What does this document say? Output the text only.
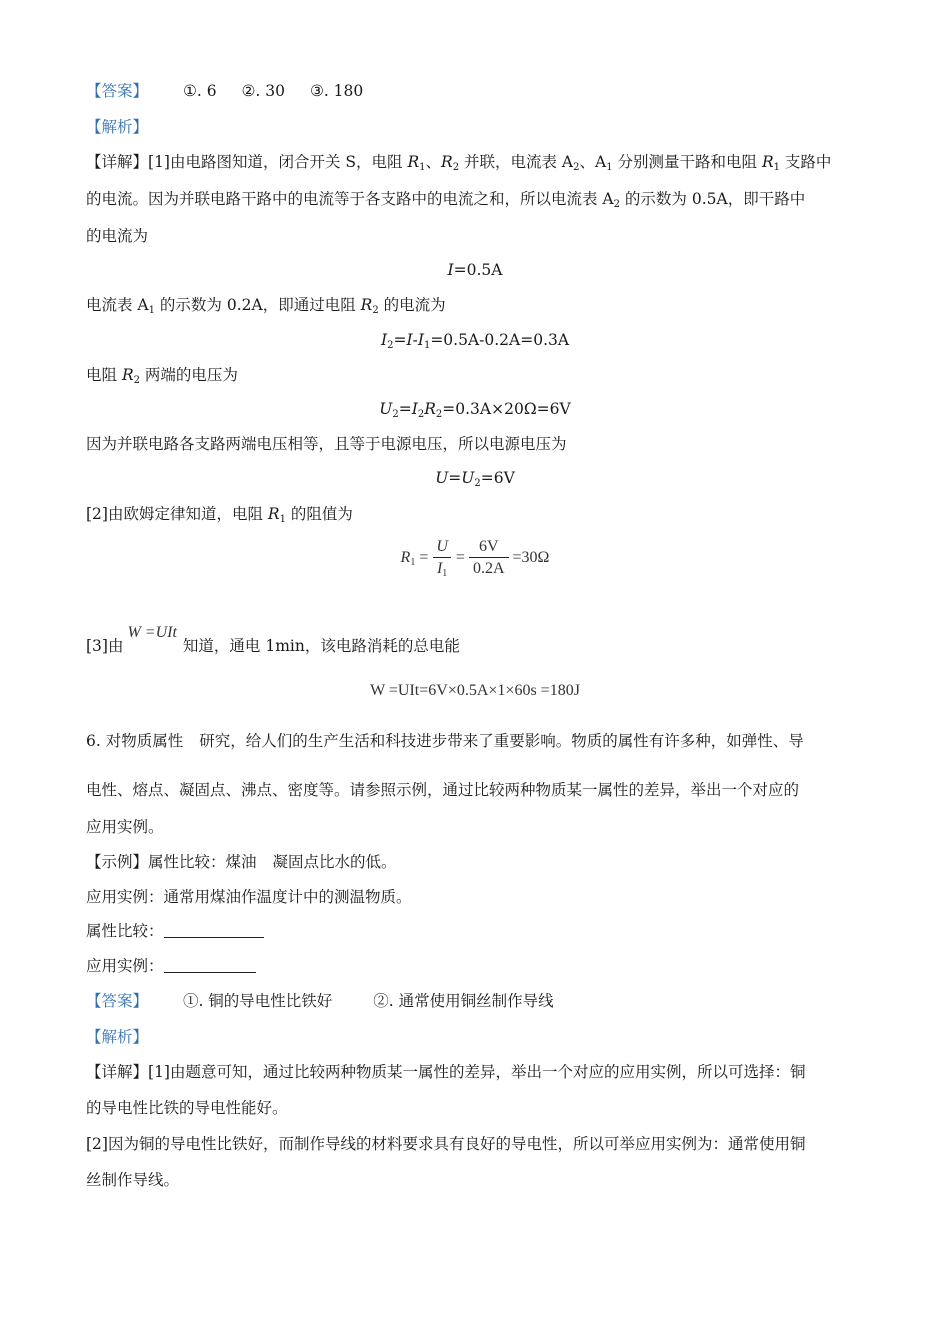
【答案】 ①. 6 ②. 30 ③. 180
【解析】
【详解】[1]由电路图知道，闭合开关 S，电阻 $R_1$、$R_2$ 并联，电流表 $A_2$、$A_1$ 分别测量干路和电阻 $R_1$ 支路中
的电流。因为并联电路干路中的电流等于各支路中的电流之和，所以电流表 $A_2$ 的示数为 0.5A，即干路中
的电流为
I=0.5A
电流表 $A_1$ 的示数为 0.2A，即通过电阻 $R_2$ 的电流为
$I_2=I-I_1=0.5A-0.2A=0.3A$
电阻 $R_2$ 两端的电压为
$U_2=I_2R_2=0.3A\times 20\Omega=6V$
因为并联电路各支路两端电压相等，且等于电源电压，所以电源电压为
$U=U_2=6V$
[2]由欧姆定律知道，电阻 $R_1$ 的阻值为
$R_1 = \frac{U}{I_1} = \frac{6V}{0.2A} =30\Omega$
[3]由W =UIt知道，通电 1min，该电路消耗的总电能
W =UIt=6V×0.5A×1×60s =180J
6. 对物质属性 研究，给人们的生产生活和科技进步带来了重要影响。物质的属性有许多种，如弹性、导
电性、熔点、凝固点、沸点、密度等。请参照示例，通过比较两种物质某一属性的差异，举出一个对应的
应用实例。
【示例】属性比较：煤油 凝固点比水的低。
应用实例：通常用煤油作温度计中的测温物质。
属性比较：
应用实例：
【答案】 ①. 铜的导电性比铁好	②. 通常使用铜丝制作导线
【解析】
【详解】[1]由题意可知，通过比较两种物质某一属性的差异，举出一个对应的应用实例，所以可选择：铜
的导电性比铁的导电性能好。
[2]因为铜的导电性比铁好，而制作导线的材料要求具有良好的导电性，所以可举应用实例为：通常使用铜
丝制作导线。
